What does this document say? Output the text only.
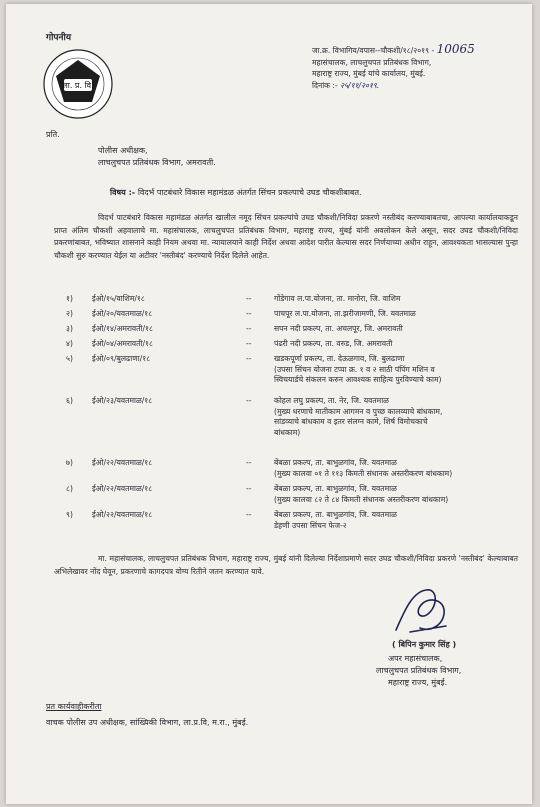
गोपनीय
ला. प्र. वि.
जा.क्र. विभागिय/वपास--चौकशी/१८/२०१९ - 10065
महासंचालक, लाचलुचपत प्रतिबंधक विभाग,
महाराष्ट्र राज्य, मुंबई यांचे कार्यालय, मुंबई.
दिनांक :- २५/११/२०१९.
प्रति.
पोलीस अधीक्षक,
लाचलुचपत प्रतिबंधक विभाग, अमरावती.
विषय :- विदर्भ पाटबंधारे विकास महामंडळ अंतर्गत सिंचन प्रकल्पाचे उघड चौकशीबाबत.
विदर्भ पाटबंधारे विकास महामंडळ अंतर्गत खालील नमूद सिंचन प्रकल्पांचे उघड चौकशी/निविदा प्रकरणे नस्तीबंद करण्याबाबतचा, आपल्या कार्यालयाकडून प्राप्त अंतिम चौकशी अहवालाचे मा. महासंचालक, लाचलुचपत प्रतिबंधक विभाग, महाराष्ट्र राज्य, मुंबई यांनी अवलोकन केले असून, सदर उघड चौकशी/निविदा प्रकरणांबाबत, भविष्यात शासनाने काही नियम अथवा मा. न्यायालयाने काही निर्देश अथवा आदेश पारीत केल्यास सदर निर्णयाच्या अधीन राहून, आवश्यकता भासल्यास पुन्हा चौकशी सुरु करण्यात येईल या अटीवर 'नस्तीबंद' करण्याचे निर्देश दिलेले आहेत.
१)	ईओ/१५/वाशिम/१८	--	गोंडेगाव ल.पा.योजना, ता. मानोरा, जि. वाशिम
२)	ईओ/२०/यवतमाळ/१८	--	पाचपूर ल.पा.योजना, ता.झरीजामणी, जि. यवतमाळ
३)	ईओ/१४/अमरावती/१८	--	सपन नदी प्रकल्प, ता. अचलपूर, जि. अमरावती
४)	ईओ/०४/अमरावती/१८	--	पंढरी नदी प्रकल्प, ता. वरुड, जि. अमरावती
५)	ईओ/०९/बुलढाणा/१८	--	खडकपूर्णा प्रकल्प, ता. देऊळगाव, जि. बुलढाणा
(उपसा सिंचन योजना टप्पा क्र. १ व २ साठी पंपिंग मशिन व
स्विचयार्डचे संकलन करुन आवश्यक साहित्य पुरविण्याचे काम)
६)	ईओ/२३/यवतमाळ/१८	--	कोहल लघु प्रकल्प, ता. नेर, जि. यवतमाळ
(मुख्य धरणाचे मातीकाम आगमन व पुच्छ कालव्याचे बांधकाम,
सांडव्याचे बांधकाम व इतर संलग्न कामे, शिर्ष विमोचकाचे
बांधकाम)
७)	ईओ/२२/यवतमाळ/१८	--	बेंबळा प्रकल्प, ता. बाभुळगांव, जि. यवतमाळ
(मुख्य कालवा ०१ ते ११३ किमती संधानक अस्तरीकरण बांधकाम)
८)	ईओ/२२/यवतमाळ/१८	--	बेंबळा प्रकल्प, ता. बाभुळगांव, जि. यवतमाळ
(मुख्य कालवा ८२ ते ८४ किमती संधानक अस्तरीकरण बांधकाम)
९)	ईओ/२२/यवतमाळ/१८	--	बेंबळा प्रकल्प, ता. बाभुळगांव, जि. यवतमाळ
डेहणी उपसा सिंचन फेज-२
मा. महासंचालक, लाचलुचपत प्रतिबंधक विभाग, महाराष्ट्र राज्य, मुंबई यांनी दिलेल्या निर्देशाप्रमाणे सदर उघड चौकशी/निविदा प्रकरणे 'नस्तीबंद' केल्याबाबत अभिलेखावर नोंद घेवून, प्रकरणाचे कागदपत्र योग्य रितीने जतन करण्यात यावे.
( बिपिन कुमार सिंह )
अपर महासंचालक,
लाचलुचपत प्रतिबंधक विभाग,
महाराष्ट्र राज्य, मुंबई.
प्रत कार्यवाहीकरीता
वाचक पोलीस उप अधीक्षक, सांख्यिकी विभाग, ला.प्र.वि, म.रा., मुंबई.
